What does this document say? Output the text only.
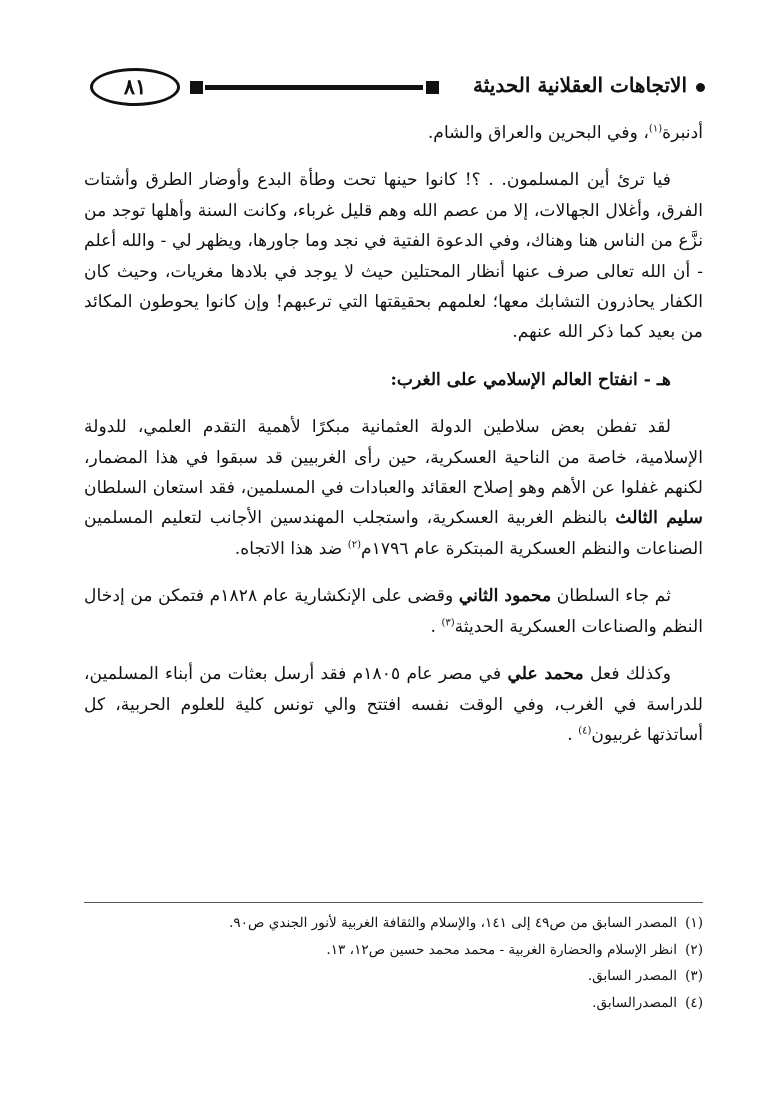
الاتجاهات العقلانية الحديثة
٨١

أدنبرة$^{(١)}$، وفي البحرين والعراق والشام.

فيا ترئ أين المسلمون. . ؟! كانوا حينها تحت وطأة البدع وأوضار الطرق وأشتات الفرق، وأغلال الجهالات، إلا من عصم الله وهم قليل غرباء، وكانت السنة وأهلها توجد من نزَّع من الناس هنا وهناك، وفي الدعوة الفتية في نجد وما جاورها، ويظهر لي - والله أعلم - أن الله تعالى صرف عنها أنظار المحتلين حيث لا يوجد في بلادها مغريات، وحيث كان الكفار يحاذرون التشابك معها؛ لعلمهم بحقيقتها التي ترعبهم! وإن كانوا يحوطون المكائد من بعيد كما ذكر الله عنهم.

هـ - انفتاح العالم الإسلامي على الغرب:

لقد تفطن بعض سلاطين الدولة العثمانية مبكرًا لأهمية التقدم العلمي، للدولة الإسلامية، خاصة من الناحية العسكرية، حين رأى الغربيين قد سبقوا في هذا المضمار، لكنهم غفلوا عن الأهم وهو إصلاح العقائد والعبادات في المسلمين، فقد استعان السلطان سليم الثالث بالنظم الغربية العسكرية، واستجلب المهندسين الأجانب لتعليم المسلمين الصناعات والنظم العسكرية المبتكرة عام ١٧٩٦م$^{(٢)}$ ضد هذا الاتجاه.

ثم جاء السلطان محمود الثاني وقضى على الإنكشارية عام ١٨٢٨م فتمكن من إدخال النظم والصناعات العسكرية الحديثة$^{(٣)}$ .

وكذلك فعل محمد علي في مصر عام ١٨٠٥م فقد أرسل بعثات من أبناء المسلمين، للدراسة في الغرب، وفي الوقت نفسه افتتح والي تونس كلية للعلوم الحربية، كل أساتذتها غربيون$^{(٤)}$ .

(١)المصدر السابق من ص٤٩ إلى ١٤١، والإسلام والثقافة الغربية لأنور الجندي ص٩٠.
(٢)انظر الإسلام والحضارة الغربية - محمد محمد حسين ص١٢، ١٣.
(٣)المصدر السابق.
(٤)المصدرالسابق.
